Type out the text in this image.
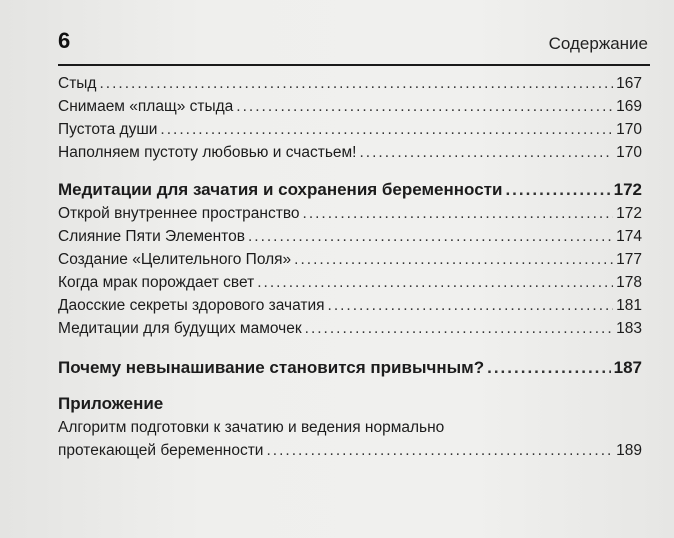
6	Содержание
Стыд .....	167
Снимаем «плащ» стыда .....	169
Пустота души .....	170
Наполняем пустоту любовью и счастьем! .....	170
Медитации для зачатия и сохранения беременности .....	172
Открой внутреннее пространство .....	172
Слияние Пяти Элементов .....	174
Создание «Целительного Поля» .....	177
Когда мрак порождает свет .....	178
Даосские секреты здорового зачатия .....	181
Медитации для будущих мамочек .....	183
Почему невынашивание становится привычным? .....	187
Приложение
Алгоритм подготовки к зачатию и ведения нормально
протекающей беременности .....	189
